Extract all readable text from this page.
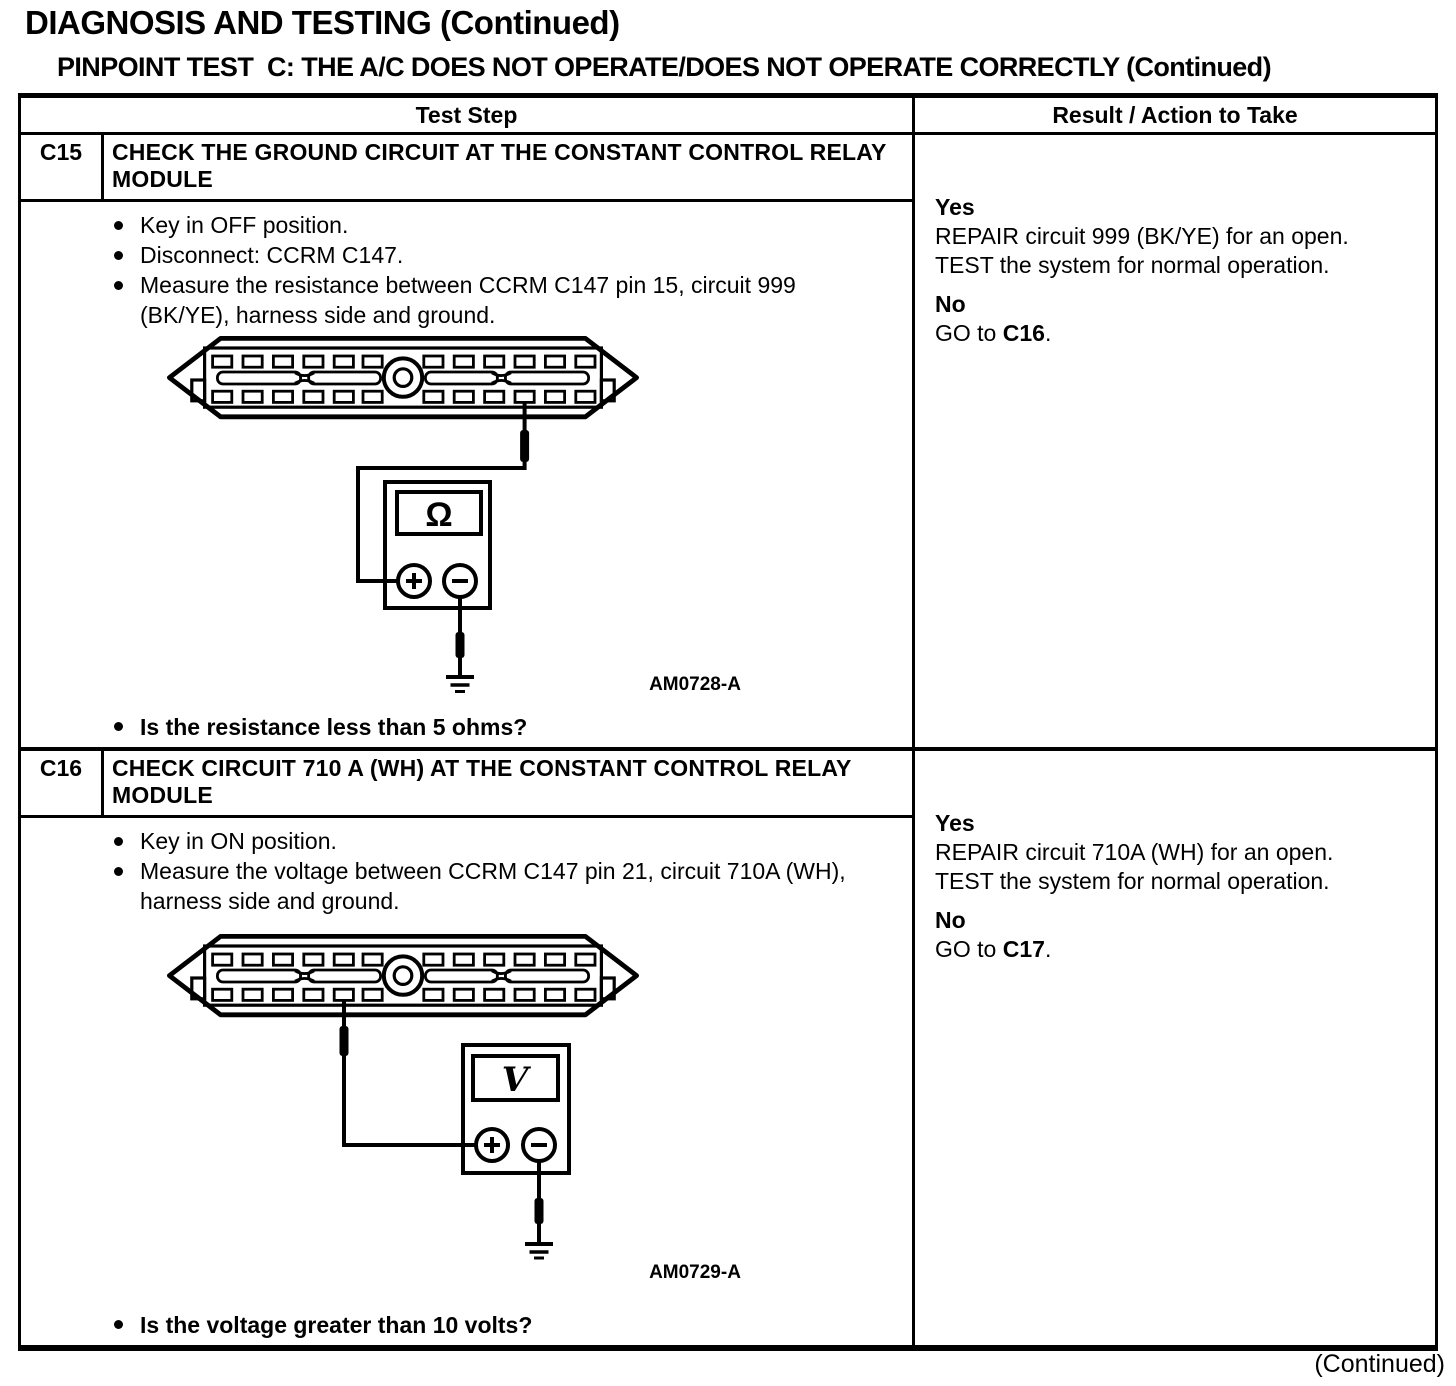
DIAGNOSIS AND TESTING (Continued)
PINPOINT TEST  C: THE A/C DOES NOT OPERATE/DOES NOT OPERATE CORRECTLY (Continued)
Test Step	Result / Action to Take
C15	CHECK THE GROUND CIRCUIT AT THE CONSTANT CONTROL RELAY MODULE
Key in OFF position.
Disconnect: CCRM C147.
Measure the resistance between CCRM C147 pin 15, circuit 999 (BK/YE), harness side and ground.
Ω
AM0728-A
Is the resistance less than 5 ohms?
Yes
REPAIR circuit 999 (BK/YE) for an open.
TEST the system for normal operation.
No
GO to C16.
C16	CHECK CIRCUIT 710 A (WH) AT THE CONSTANT CONTROL RELAY MODULE
Key in ON position.
Measure the voltage between CCRM C147 pin 21, circuit 710A (WH), harness side and ground.
V
AM0729-A
Is the voltage greater than 10 volts?
Yes
REPAIR circuit 710A (WH) for an open.
TEST the system for normal operation.
No
GO to C17.
(Continued)
